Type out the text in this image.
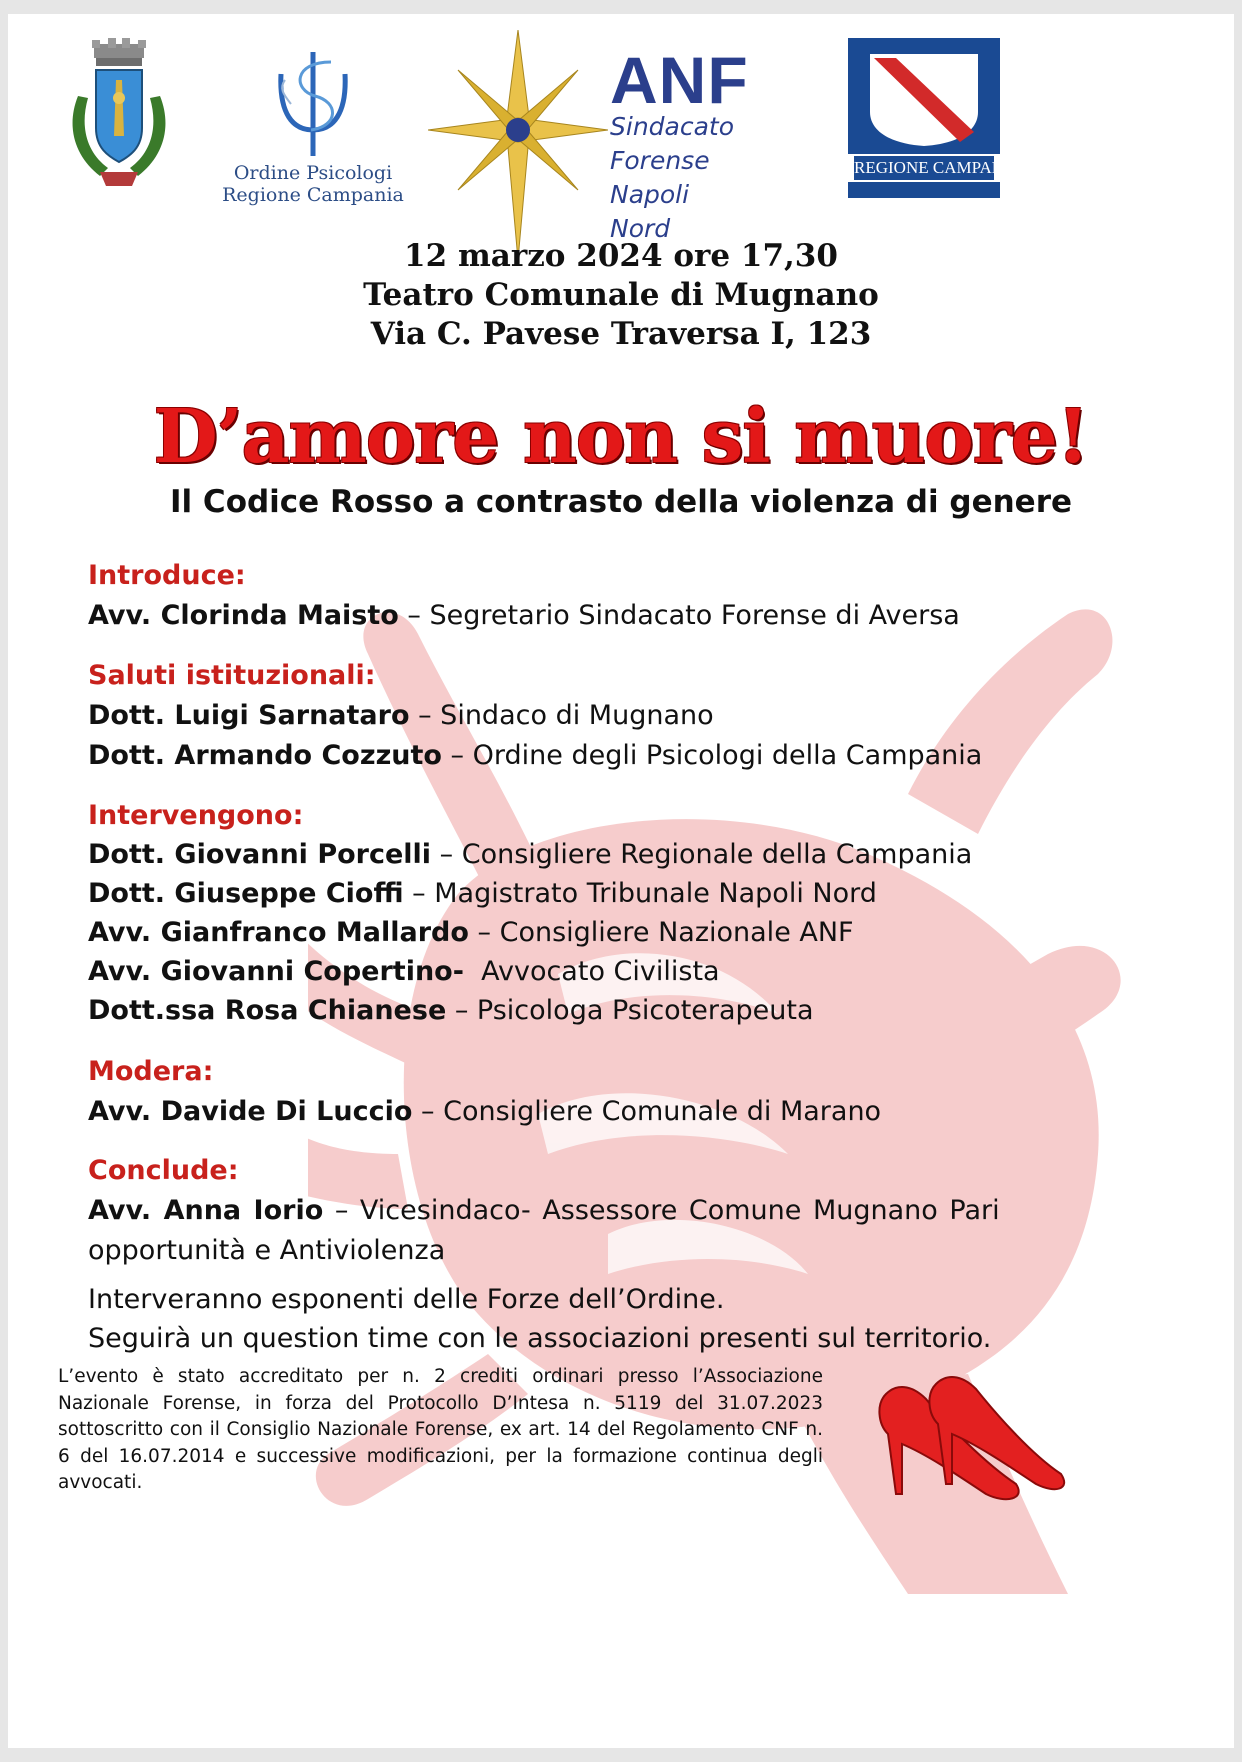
Ordine Psicologi
Regione Campania
ANF
Sindacato
Forense
Napoli
Nord
REGIONE CAMPANIA
12 marzo 2024 ore 17,30
Teatro Comunale di Mugnano
Via C. Pavese Traversa I, 123
D’amore non si muore!
Il Codice Rosso a contrasto della violenza di genere
Introduce:
Avv. Clorinda Maisto – Segretario Sindacato Forense di Aversa
Saluti istituzionali:
Dott. Luigi Sarnataro – Sindaco di Mugnano
Dott. Armando Cozzuto – Ordine degli Psicologi della Campania
Intervengono:
Dott. Giovanni Porcelli – Consigliere Regionale della Campania
Dott. Giuseppe Cioffi – Magistrato Tribunale Napoli Nord
Avv. Gianfranco Mallardo – Consigliere Nazionale ANF
Avv. Giovanni Copertino-  Avvocato Civilista
Dott.ssa Rosa Chianese – Psicologa Psicoterapeuta
Modera:
Avv. Davide Di Luccio – Consigliere Comunale di Marano
Conclude:
Avv. Anna Iorio – Vicesindaco- Assessore Comune Mugnano Pari
opportunità e Antiviolenza
Interveranno esponenti delle Forze dell’Ordine.
Seguirà un question time con le associazioni presenti sul territorio.
L’evento è stato accreditato per n. 2 crediti ordinari presso l’Associazione Nazionale Forense, in forza del Protocollo D’Intesa n. 5119 del 31.07.2023 sottoscritto con il Consiglio Nazionale Forense, ex art. 14 del Regolamento CNF n. 6 del 16.07.2014 e successive modificazioni, per la formazione continua degli avvocati.
